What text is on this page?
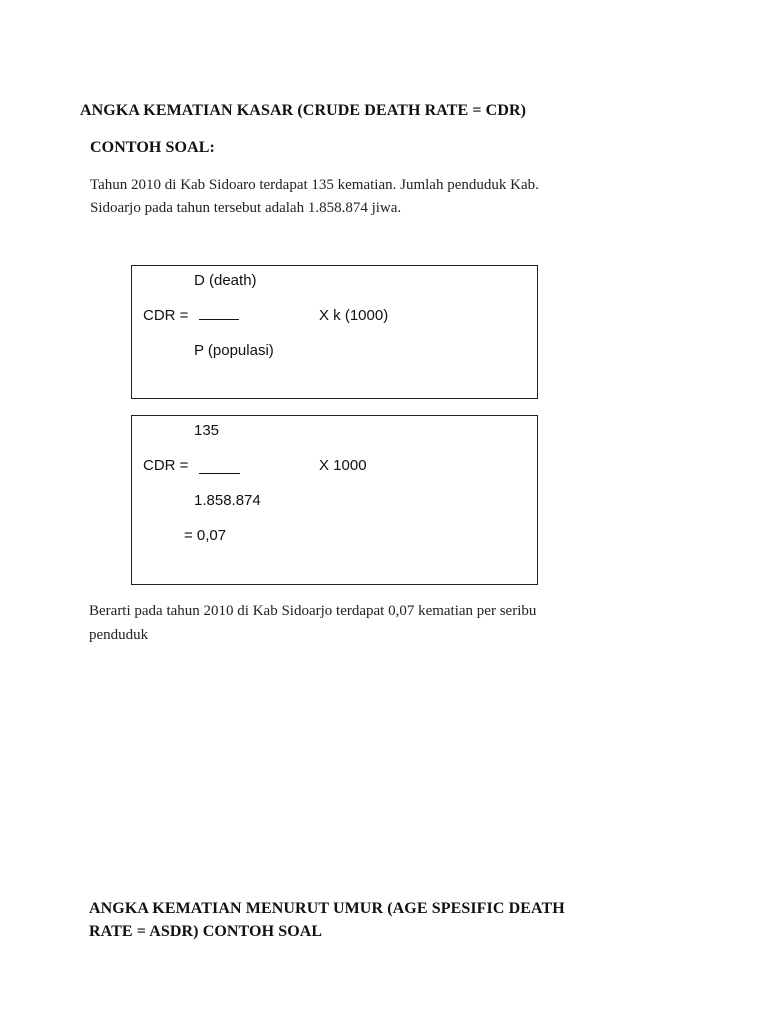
ANGKA KEMATIAN KASAR (CRUDE DEATH RATE = CDR)
CONTOH SOAL:
Tahun 2010 di Kab Sidoaro terdapat 135 kematian. Jumlah penduduk Kab.
Sidoarjo pada tahun tersebut adalah 1.858.874 jiwa.
D (death)
CDR =	X k (1000)
P (populasi)
135
CDR =	X 1000
1.858.874
= 0,07
Berarti pada tahun 2010 di Kab Sidoarjo terdapat 0,07 kematian per seribu
penduduk
ANGKA KEMATIAN MENURUT UMUR (AGE SPESIFIC DEATH
RATE = ASDR) CONTOH SOAL
